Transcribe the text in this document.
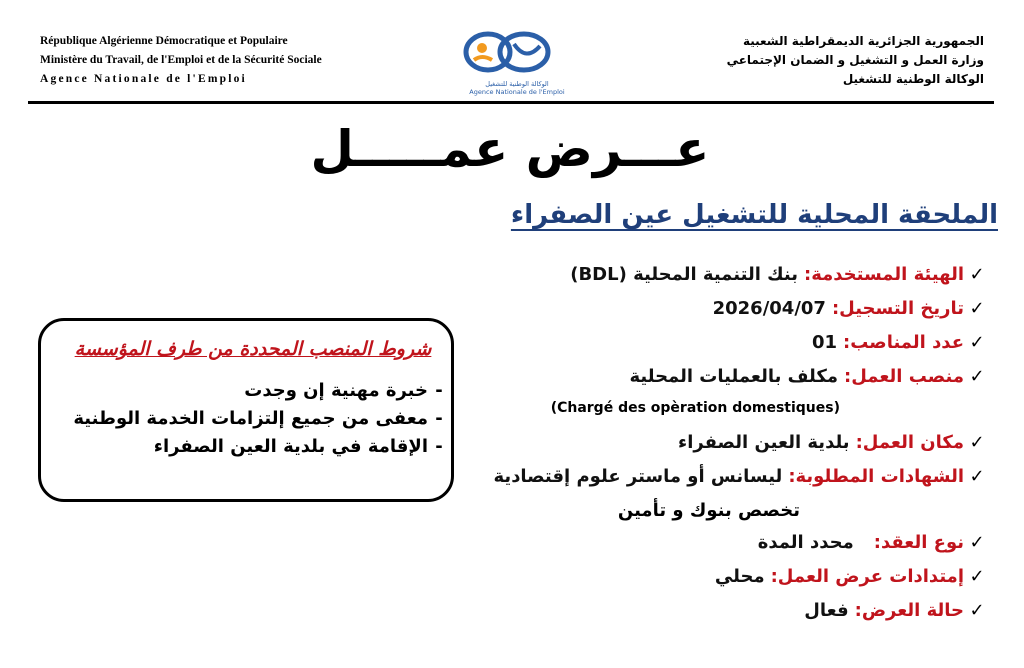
République Algérienne Démocratique et Populaire
Ministère du Travail, de l'Emploi et de la Sécurité Sociale
Agence Nationale de l'Emploi	الوكالة الوطنية للتشغيل
Agence Nationale de l'Emploi
الجمهورية الجزائرية الديمقراطية الشعبية
وزارة العمل و التشغيل و الضمان الإجتماعي
الوكالة الوطنية للتشغيل
عـــرض عمـــــل
الملحقة المحلية للتشغيل عين الصفراء
✓
الهيئة المستخدمة:
بنك التنمية المحلية (BDL)
✓
تاريخ التسجيل:
2026/04/07
✓
عدد المناصب:
01
✓
منصب العمل:
مكلف بالعمليات المحلية
(Chargé des opèration domestiques)
✓
مكان العمل:
بلدية العين الصفراء
✓
الشهادات المطلوبة:
ليسانس أو ماستر علوم إقتصادية
تخصص بنوك و تأمين
✓
نوع العقد:
محدد المدة
✓
إمتدادات عرض العمل:
محلي
✓
حالة العرض:
فعال
شروط المنصب المحددة من طرف المؤسسة
-
خبرة مهنية إن وجدت
-
معفى من جميع إلتزامات الخدمة الوطنية
-
الإقامة في بلدية العين الصفراء
